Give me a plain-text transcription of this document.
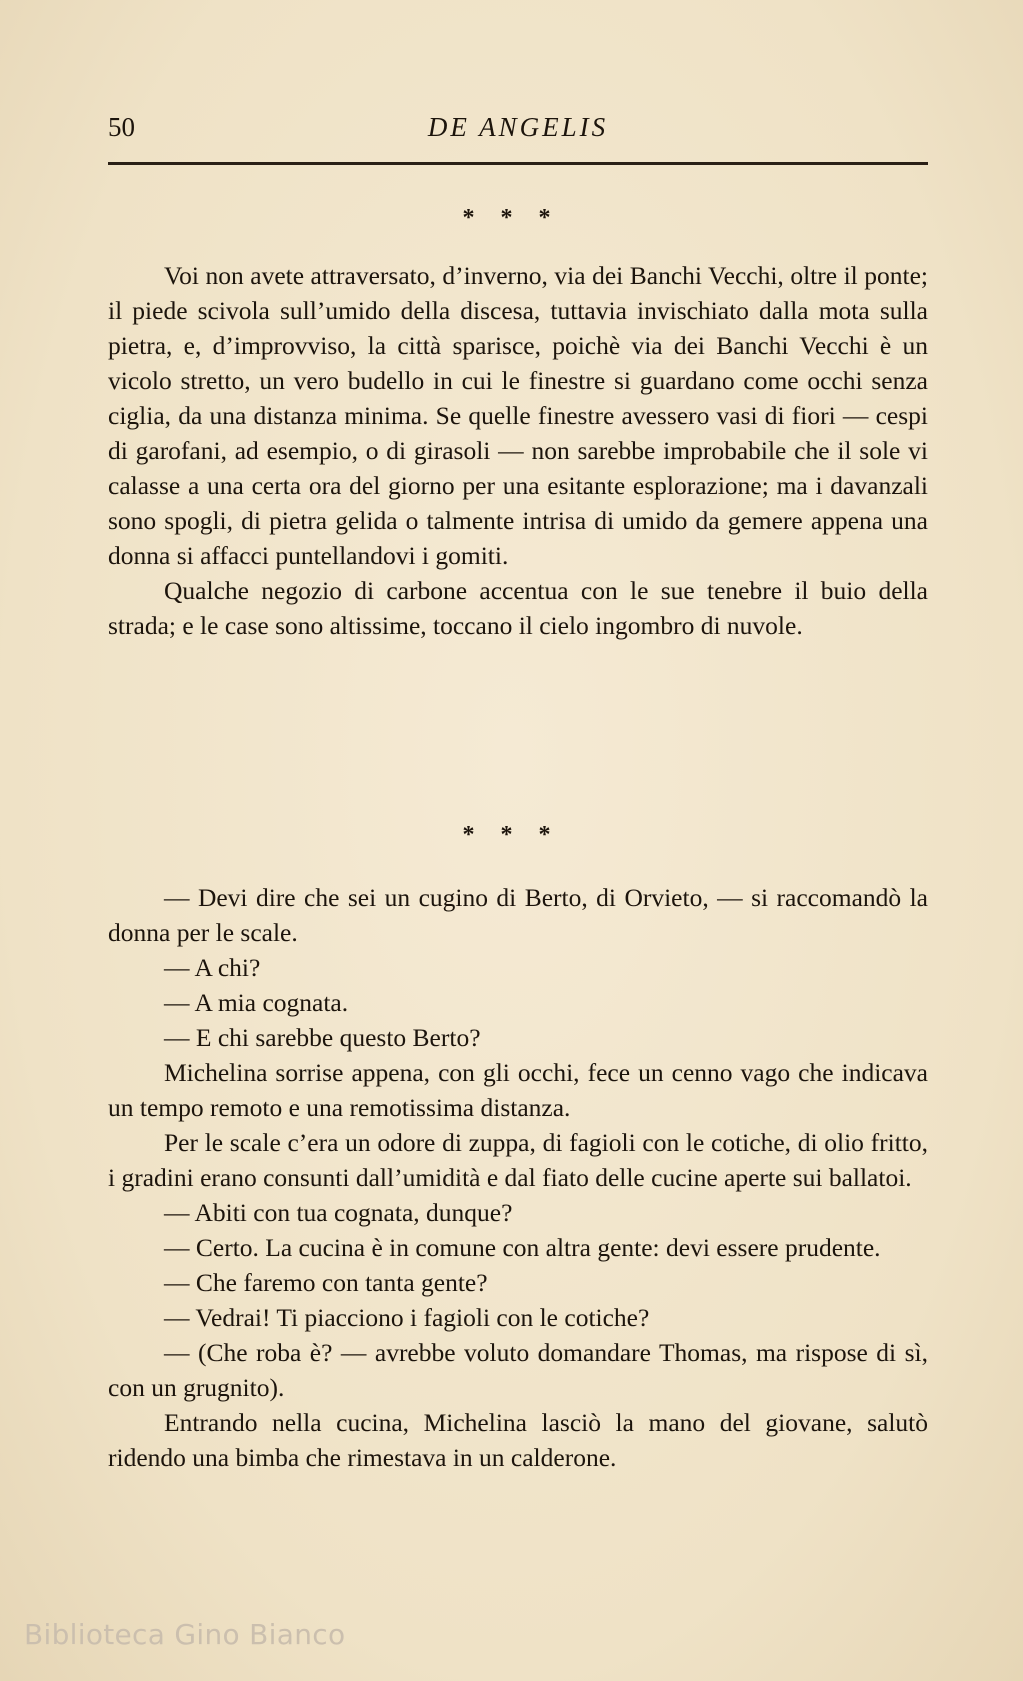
50	DE ANGELIS
* * *

Voi non avete attraversato, d’inverno, via dei Banchi Vecchi, oltre il ponte; il piede scivola sull’umido della discesa, tuttavia invischiato dalla mota sulla pietra, e, d’improvviso, la città sparisce, poichè via dei Banchi Vecchi è un vicolo stretto, un vero budello in cui le finestre si guardano come occhi senza ciglia, da una distanza minima. Se quelle finestre avessero vasi di fiori — cespi di garofani, ad esempio, o di girasoli — non sarebbe improbabile che il sole vi calasse a una certa ora del giorno per una esitante esplorazione; ma i davanzali sono spogli, di pietra gelida o talmente intrisa di umido da gemere appena una donna si affacci puntellandovi i gomiti.

Qualche negozio di carbone accentua con le sue tenebre il buio della strada; e le case sono altissime, toccano il cielo ingombro di nuvole.

* * *

— Devi dire che sei un cugino di Berto, di Orvieto, — si raccomandò la donna per le scale.

— A chi?

— A mia cognata.

— E chi sarebbe questo Berto?

Michelina sorrise appena, con gli occhi, fece un cenno vago che indicava un tempo remoto e una remotissima distanza.

Per le scale c’era un odore di zuppa, di fagioli con le cotiche, di olio fritto, i gradini erano consunti dall’umidità e dal fiato delle cucine aperte sui ballatoi.

— Abiti con tua cognata, dunque?

— Certo. La cucina è in comune con altra gente: devi essere prudente.

— Che faremo con tanta gente?

— Vedrai! Ti piacciono i fagioli con le cotiche?

— (Che roba è? — avrebbe voluto domandare Thomas, ma rispose di sì, con un grugnito).

Entrando nella cucina, Michelina lasciò la mano del giovane, salutò ridendo una bimba che rimestava in un calderone.

Biblioteca Gino Bianco
